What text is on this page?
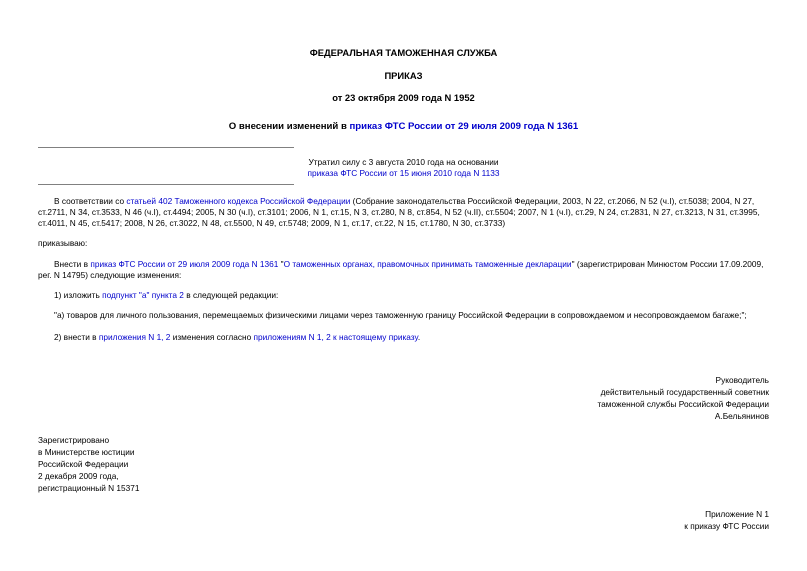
ФЕДЕРАЛЬНАЯ ТАМОЖЕННАЯ СЛУЖБА
ПРИКАЗ
от 23 октября 2009 года N 1952
О внесении изменений в приказ ФТС России от 29 июля 2009 года N 1361
Утратил силу с 3 августа 2010 года на основании
приказа ФТС России от 15 июня 2010 года N 1133
В соответствии со статьей 402 Таможенного кодекса Российской Федерации (Собрание законодательства Российской Федерации, 2003, N 22, ст.2066, N 52 (ч.I), ст.5038; 2004, N 27, ст.2711, N 34, ст.3533, N 46 (ч.I), ст.4494; 2005, N 30 (ч.I), ст.3101; 2006, N 1, ст.15, N 3, ст.280, N 8, ст.854, N 52 (ч.II), ст.5504; 2007, N 1 (ч.I), ст.29, N 24, ст.2831, N 27, ст.3213, N 31, ст.3995, ст.4011, N 45, ст.5417; 2008, N 26, ст.3022, N 48, ст.5500, N 49, ст.5748; 2009, N 1, ст.17, ст.22, N 15, ст.1780, N 30, ст.3733)
приказываю:
Внести в приказ ФТС России от 29 июля 2009 года N 1361 "О таможенных органах, правомочных принимать таможенные декларации" (зарегистрирован Минюстом России 17.09.2009, рег. N 14795) следующие изменения:
1) изложить подпункт "а" пункта 2 в следующей редакции:
"а) товаров для личного пользования, перемещаемых физическими лицами через таможенную границу Российской Федерации в сопровождаемом и несопровождаемом багаже;";
2) внести в приложения N 1, 2 изменения согласно приложениям N 1, 2 к настоящему приказу.
Руководитель
действительный государственный советник
таможенной службы Российской Федерации
А.Бельянинов
Зарегистрировано
в Министерстве юстиции
Российской Федерации
2 декабря 2009 года,
регистрационный N 15371
Приложение N 1
к приказу ФТС России
